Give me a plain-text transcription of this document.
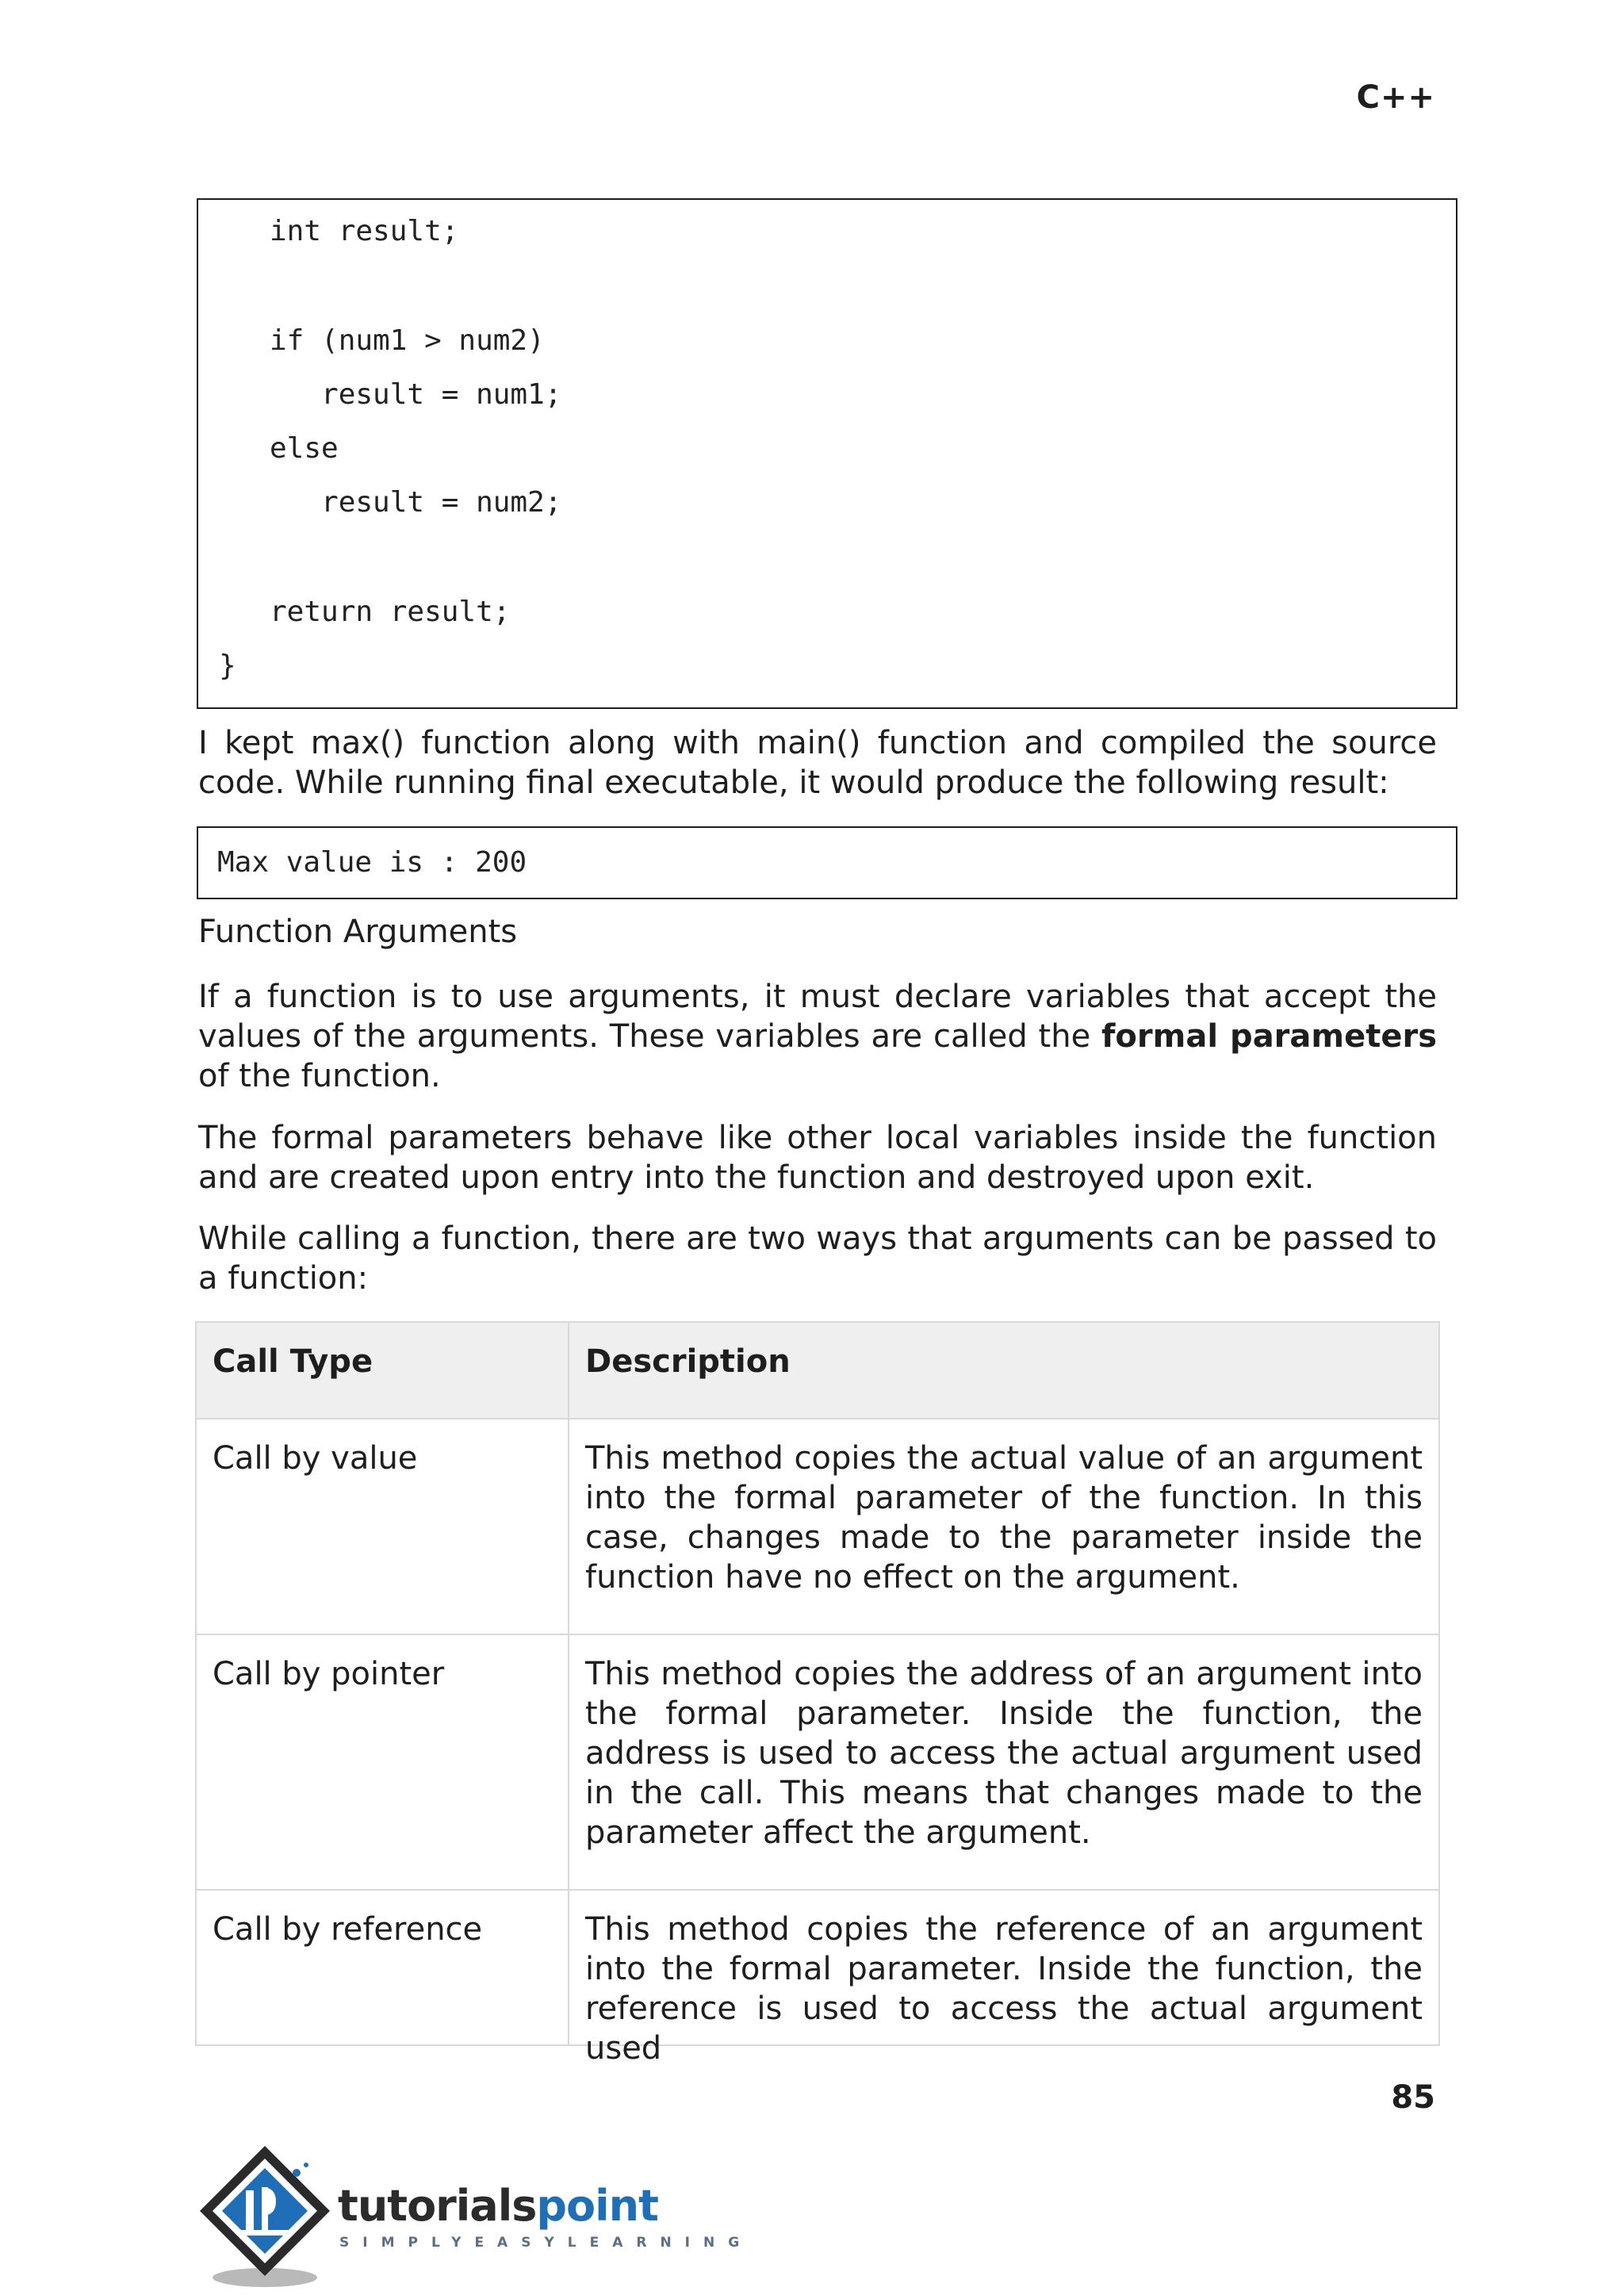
C++
int result;
if (num1 > num2)
result = num1;
else
result = num2;
return result;
}
I kept max() function along with main() function and compiled the source code. While running final executable, it would produce the following result:
Max value is : 200
Function Arguments
If a function is to use arguments, it must declare variables that accept the values of the arguments. These variables are called the formal parameters of the function.
The formal parameters behave like other local variables inside the function and are created upon entry into the function and destroyed upon exit.
While calling a function, there are two ways that arguments can be passed to a function:
Call Type	Description
Call by value	This method copies the actual value of an argument into the formal parameter of the function. In this case, changes made to the parameter inside the function have no effect on the argument.
Call by pointer	This method copies the address of an argument into the formal parameter. Inside the function, the address is used to access the actual argument used in the call. This means that changes made to the parameter affect the argument.
Call by reference	This method copies the reference of an argument into the formal parameter. Inside the function, the reference is used to access the actual argument used
85
tutorialspoint
SIMPLYEASYLEARNING
